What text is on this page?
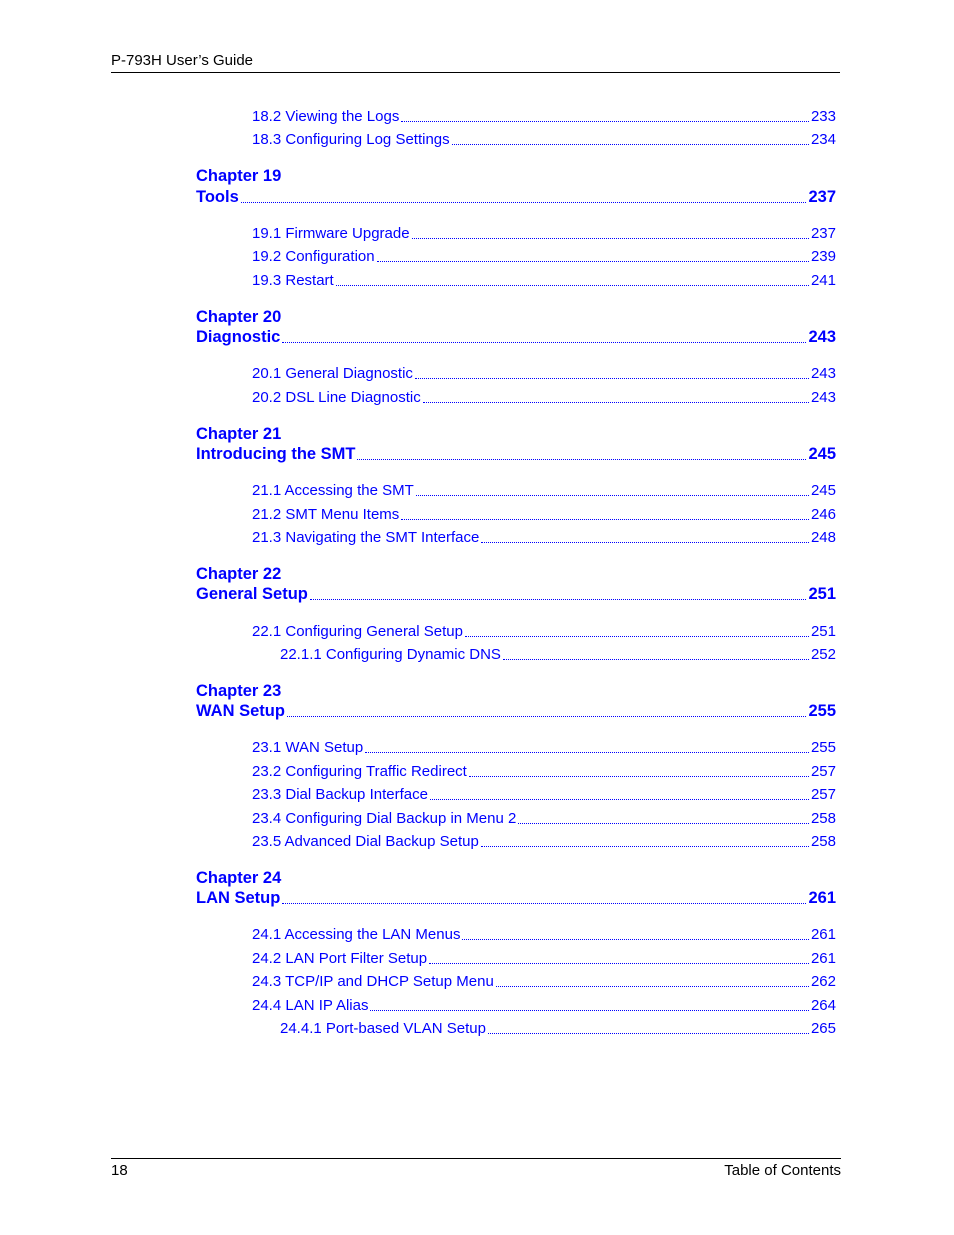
P-793H User’s Guide
18.2 Viewing the Logs	233
18.3 Configuring Log Settings	234
Chapter 19
Tools	237
19.1 Firmware Upgrade	237
19.2 Configuration	239
19.3 Restart	241
Chapter 20
Diagnostic	243
20.1 General Diagnostic	243
20.2 DSL Line Diagnostic	243
Chapter 21
Introducing the SMT	245
21.1 Accessing the SMT	245
21.2 SMT Menu Items	246
21.3 Navigating the SMT Interface	248
Chapter 22
General Setup	251
22.1 Configuring General Setup	251
22.1.1 Configuring Dynamic DNS	252
Chapter 23
WAN Setup	255
23.1 WAN Setup	255
23.2 Configuring Traffic Redirect	257
23.3 Dial Backup Interface	257
23.4 Configuring Dial Backup in Menu 2	258
23.5 Advanced Dial Backup Setup	258
Chapter 24
LAN Setup	261
24.1 Accessing the LAN Menus	261
24.2 LAN Port Filter Setup	261
24.3 TCP/IP and DHCP Setup Menu	262
24.4 LAN IP Alias	264
24.4.1 Port-based VLAN Setup	265
18	Table of Contents
